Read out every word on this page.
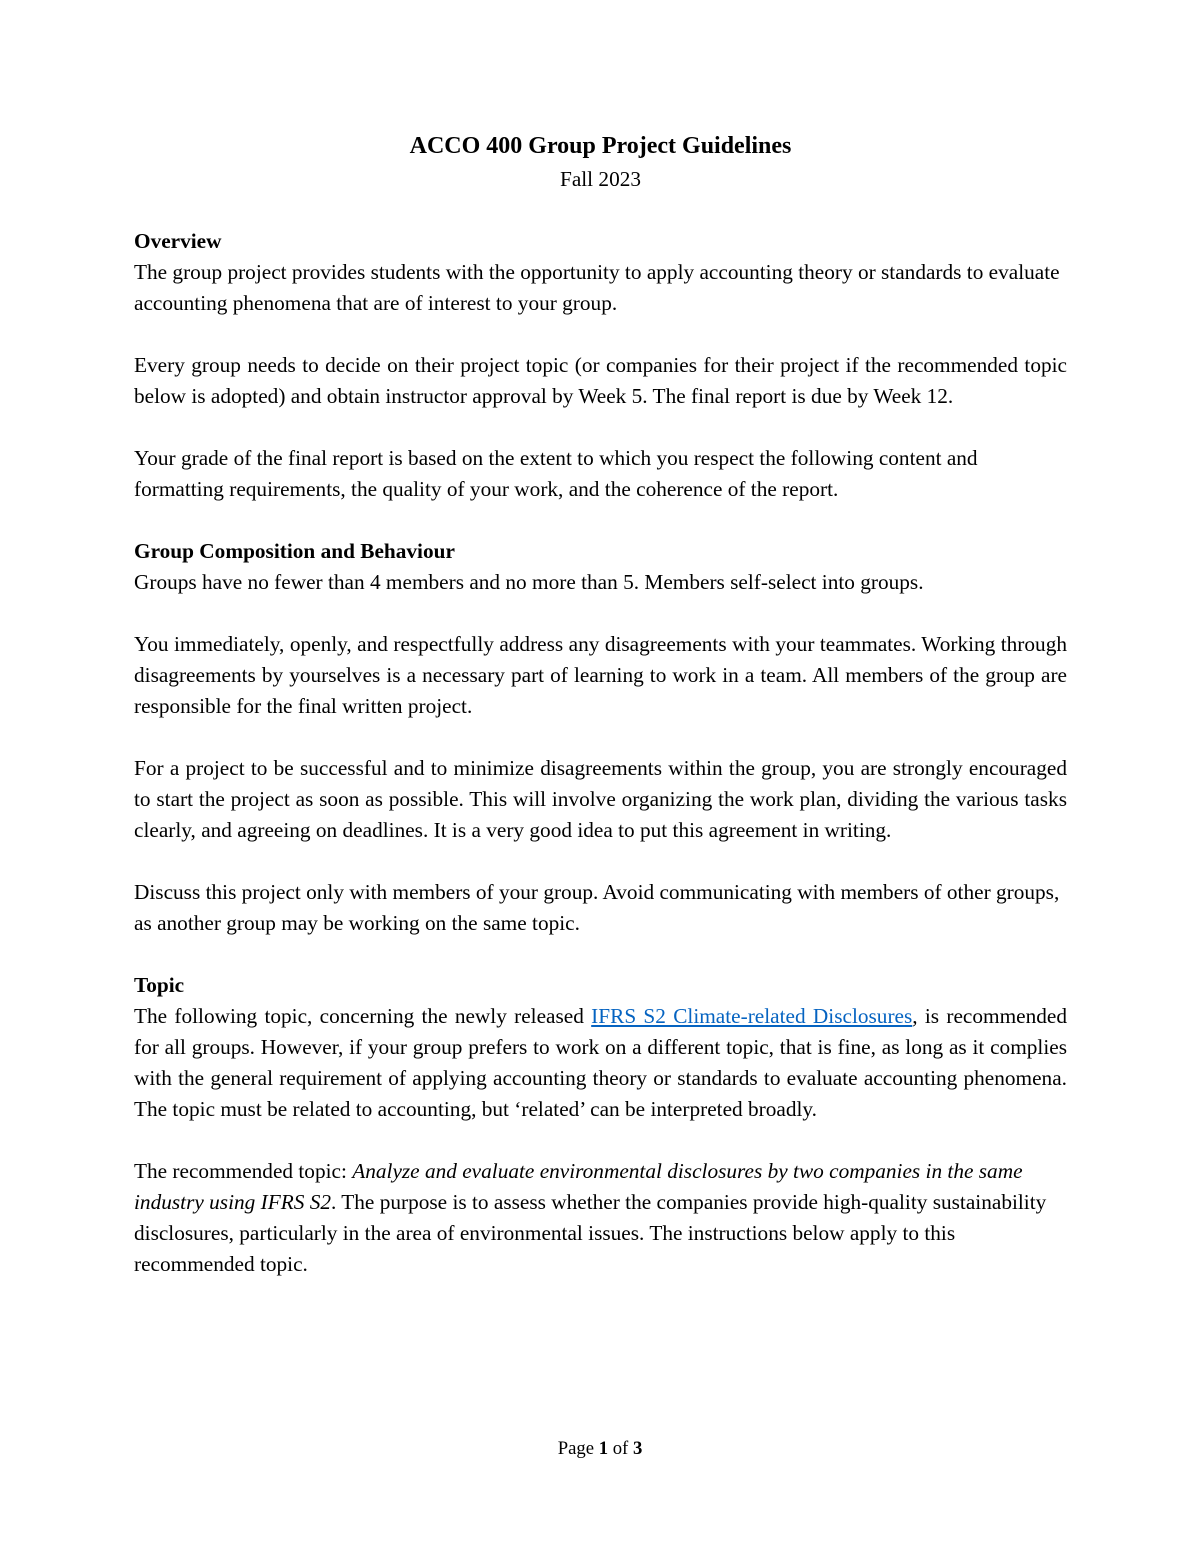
ACCO 400 Group Project Guidelines
Fall 2023
Overview

The group project provides students with the opportunity to apply accounting theory or standards to evaluate accounting phenomena that are of interest to your group.

Every group needs to decide on their project topic (or companies for their project if the recommended topic below is adopted) and obtain instructor approval by Week 5. The final report is due by Week 12.

Your grade of the final report is based on the extent to which you respect the following content and formatting requirements, the quality of your work, and the coherence of the report.

Group Composition and Behaviour

Groups have no fewer than 4 members and no more than 5. Members self-select into groups.

You immediately, openly, and respectfully address any disagreements with your teammates. Working through disagreements by yourselves is a necessary part of learning to work in a team. All members of the group are responsible for the final written project.

For a project to be successful and to minimize disagreements within the group, you are strongly encouraged to start the project as soon as possible. This will involve organizing the work plan, dividing the various tasks clearly, and agreeing on deadlines. It is a very good idea to put this agreement in writing.

Discuss this project only with members of your group. Avoid communicating with members of other groups, as another group may be working on the same topic.

Topic

The following topic, concerning the newly released IFRS S2 Climate-related Disclosures, is recommended for all groups. However, if your group prefers to work on a different topic, that is fine, as long as it complies with the general requirement of applying accounting theory or standards to evaluate accounting phenomena. The topic must be related to accounting, but ‘related’ can be interpreted broadly.

The recommended topic: Analyze and evaluate environmental disclosures by two companies in the same industry using IFRS S2. The purpose is to assess whether the companies provide high-quality sustainability disclosures, particularly in the area of environmental issues. The instructions below apply to this recommended topic.

Page 1 of 3
